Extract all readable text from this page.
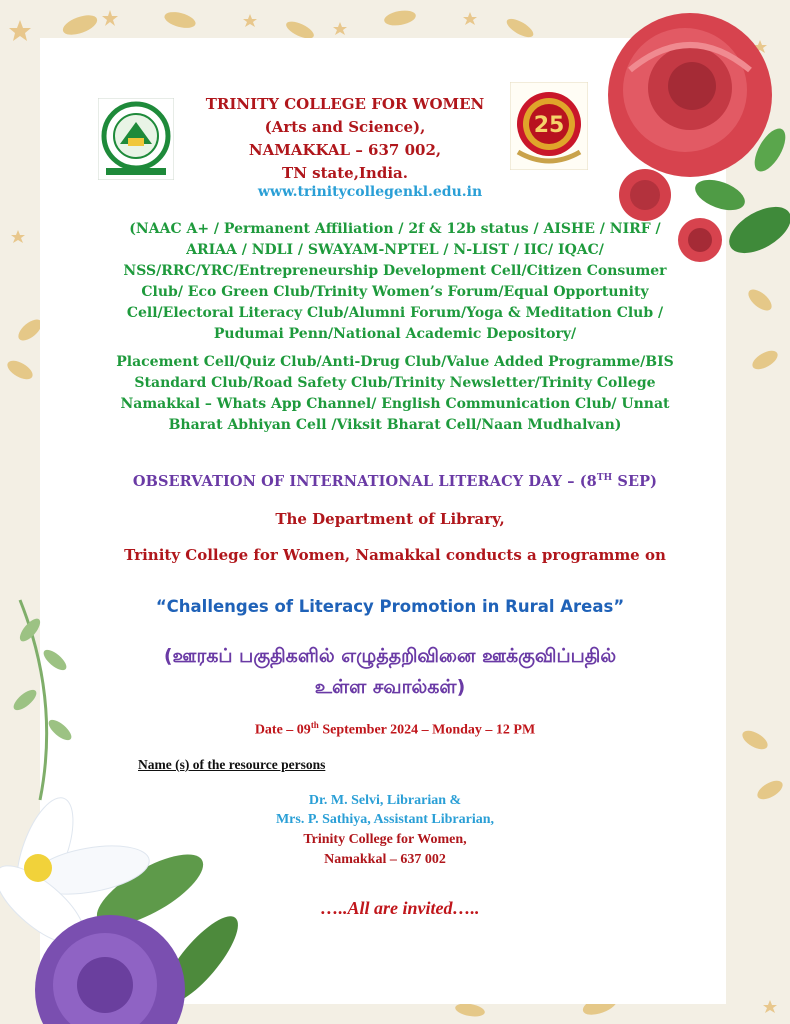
25
TRINITY COLLEGE FOR WOMEN
(Arts and Science),
NAMAKKAL – 637 002,
TN state,India.
www.trinitycollegenkl.edu.in
(NAAC A+ / Permanent Affiliation / 2f & 12b status / AISHE / NIRF /
ARIAA / NDLI / SWAYAM-NPTEL / N-LIST / IIC/ IQAC/
NSS/RRC/YRC/Entrepreneurship Development Cell/Citizen Consumer
Club/ Eco Green Club/Trinity Women’s Forum/Equal Opportunity
Cell/Electoral Literacy Club/Alumni Forum/Yoga & Meditation Club /
Pudumai Penn/National Academic Depository/
Placement Cell/Quiz Club/Anti-Drug Club/Value Added Programme/BIS
Standard Club/Road Safety Club/Trinity Newsletter/Trinity College
Namakkal – Whats App Channel/ English Communication Club/ Unnat
Bharat Abhiyan Cell /Viksit Bharat Cell/Naan Mudhalvan)
OBSERVATION OF INTERNATIONAL LITERACY DAY – (8TH SEP)
The Department of Library,
Trinity College for Women, Namakkal conducts a programme on
“Challenges of Literacy Promotion in Rural Areas”
(ஊரகப் பகுதிகளில் எழுத்தறிவினை ஊக்குவிப்பதில்
உள்ள சவால்கள்)
Date – 09th September 2024 – Monday – 12 PM
Name (s) of the resource persons
Dr. M. Selvi, Librarian &
Mrs. P. Sathiya, Assistant Librarian,
Trinity College for Women,
Namakkal – 637 002
…..All are invited…..
